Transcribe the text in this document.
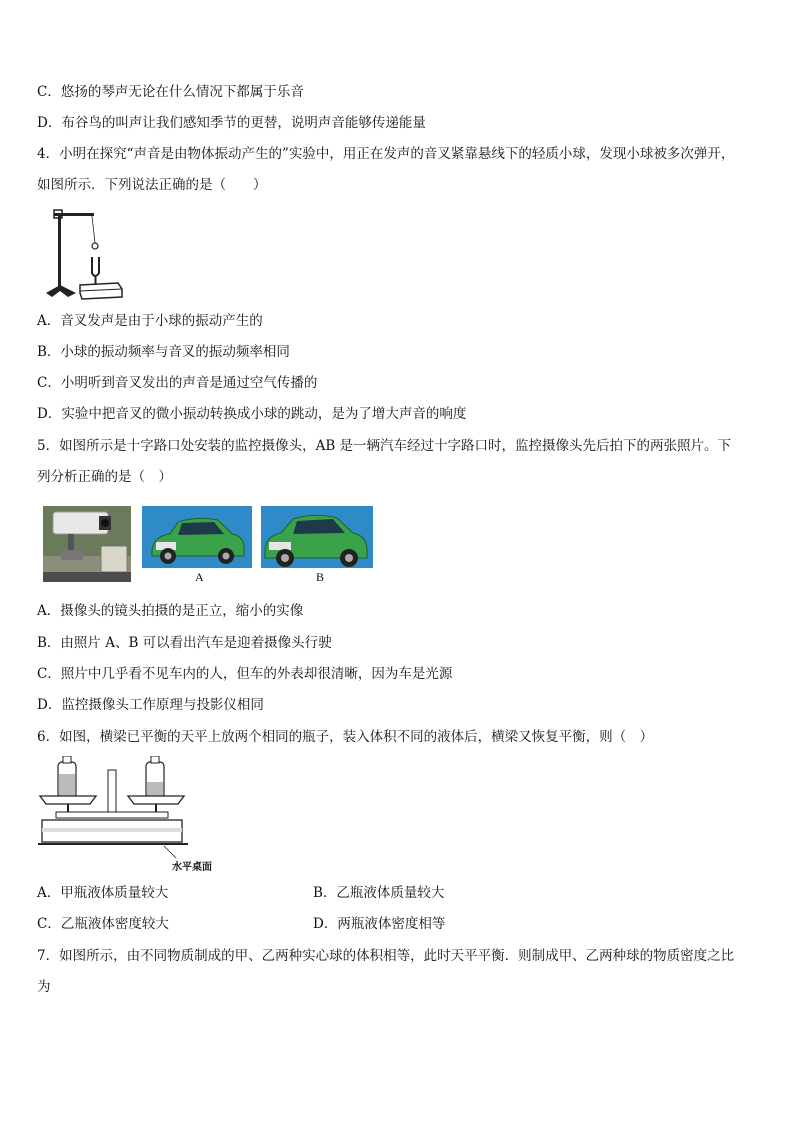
C．悠扬的琴声无论在什么情况下都属于乐音
D．布谷鸟的叫声让我们感知季节的更替，说明声音能够传递能量
4．小明在探究“声音是由物体振动产生的”实验中，用正在发声的音叉紧靠悬线下的轻质小球，发现小球被多次弹开，
如图所示．下列说法正确的是（　　）
A．音叉发声是由于小球的振动产生的
B．小球的振动频率与音叉的振动频率相同
C．小明听到音叉发出的声音是通过空气传播的
D．实验中把音叉的微小振动转换成小球的跳动，是为了增大声音的响度
5．如图所示是十字路口处安装的监控摄像头，AB 是一辆汽车经过十字路口时，监控摄像头先后拍下的两张照片。下
列分析正确的是（　）
A	B
A．摄像头的镜头拍摄的是正立，缩小的实像
B．由照片 A、B 可以看出汽车是迎着摄像头行驶
C．照片中几乎看不见车内的人，但车的外表却很清晰，因为车是光源
D．监控摄像头工作原理与投影仪相同
6．如图，横梁已平衡的天平上放两个相同的瓶子，装入体积不同的液体后，横梁又恢复平衡，则（　）
水平桌面
A．甲瓶液体质量较大	B．乙瓶液体质量较大
C．乙瓶液体密度较大	D．两瓶液体密度相等
7．如图所示，由不同物质制成的甲、乙两种实心球的体积相等，此时天平平衡．则制成甲、乙两种球的物质密度之比
为
